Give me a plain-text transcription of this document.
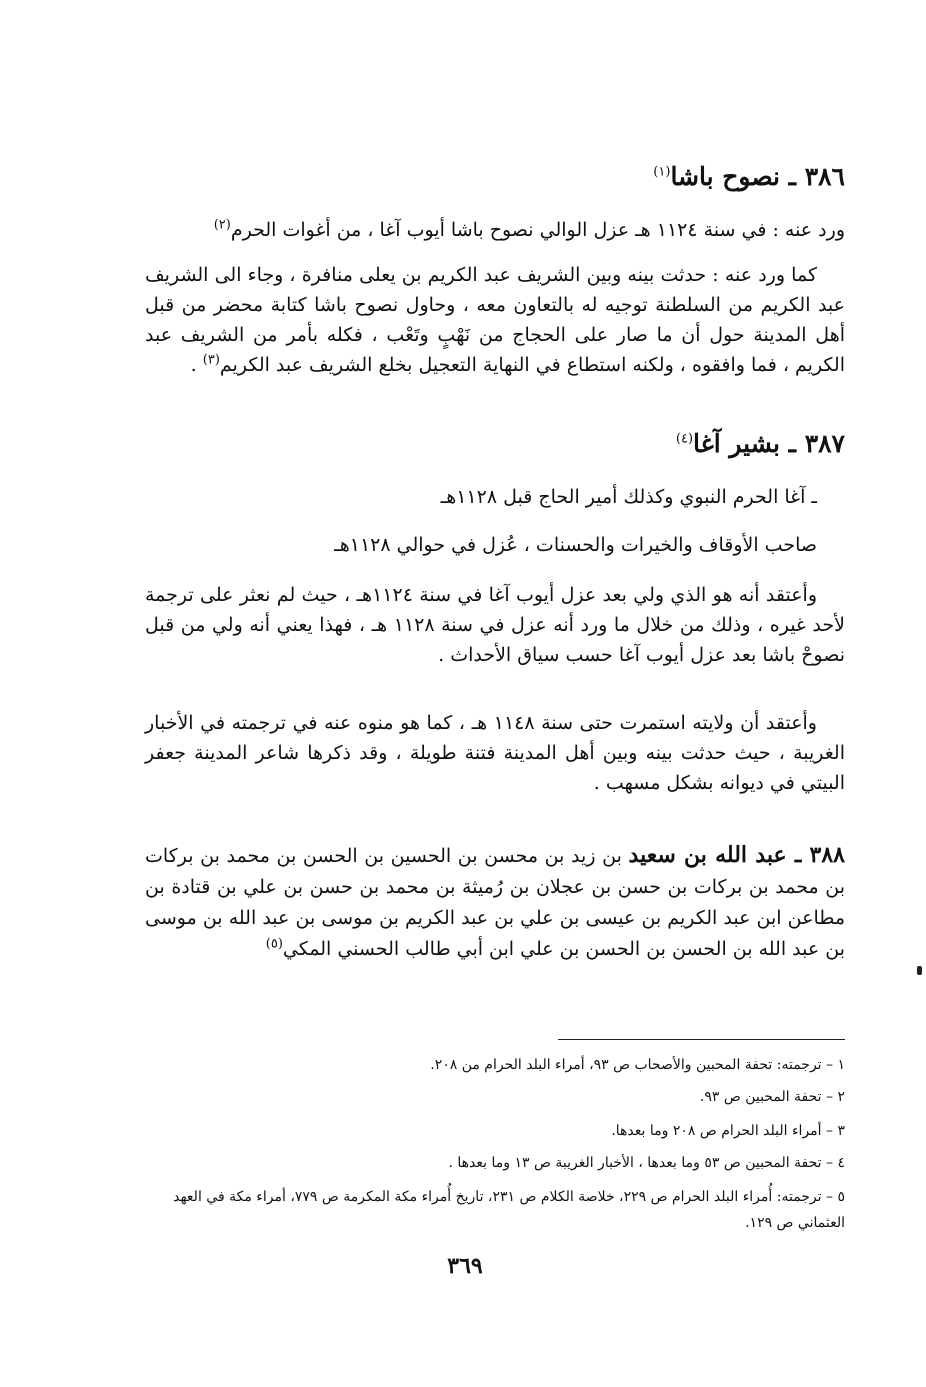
٣٨٦ ـ نصوح باشا$^{(١)}$
ورد عنه : في سنة ١١٢٤ هـ عزل الوالي نصوح باشا أيوب آغا ، من أغوات الحرم$^{(٢)}$
كما ورد عنه : حدثت بينه وبين الشريف عبد الكريم بن يعلى منافرة ، وجاء الى الشريف عبد الكريم من السلطنة توجيه له بالتعاون معه ، وحاول نصوح باشا كتابة محضر من قبل أهل المدينة حول أن ما صار على الحجاج من نَهْبٍ وتَعْب ، فكله بأمر من الشريف عبد الكريم ، فما وافقوه ، ولكنه استطاع في النهاية التعجيل بخلع الشريف عبد الكريم$^{(٣)}$ .
٣٨٧ ـ بشير آغا$^{(٤)}$
ـ آغا الحرم النبوي وكذلك أمير الحاج قبل ١١٢٨هـ
صاحب الأوقاف والخيرات والحسنات ، عُزل في حوالي ١١٢٨هـ
وأعتقد أنه هو الذي ولي بعد عزل أيوب آغا في سنة ١١٢٤هـ ، حيث لم نعثر على ترجمة لأحد غيره ، وذلك من خلال ما ورد أنه عزل في سنة ١١٢٨ هـ ، فهذا يعني أنه ولي من قبل نصوحْ باشا بعد عزل أيوب آغا حسب سياق الأحداث .
وأعتقد أن ولايته استمرت حتى سنة ١١٤٨ هـ ، كما هو منوه عنه في ترجمته في الأخبار الغريبة ، حيث حدثت بينه وبين أهل المدينة فتنة طويلة ، وقد ذكرها شاعر المدينة جعفر البيتي في ديوانه بشكل مسهب .
٣٨٨ ـ عبد الله بن سعيد بن زيد بن محسن بن الحسين بن الحسن بن محمد بن بركات بن محمد بن بركات بن حسن بن عجلان بن رُميثة بن محمد بن حسن بن علي بن قتادة بن مطاعن ابن عبد الكريم بن عيسى بن علي بن عبد الكريم بن موسى بن عبد الله بن موسى بن عبد الله بن الحسن بن الحسن بن علي ابن أبي طالب الحسني المكي$^{(٥)}$
١ – ترجمته: تحفة المحبين والأصحاب ص ٩٣، أمراء البلد الحرام من ٢٠٨.
٢ – تحفة المحبين ص ٩٣.
٣ – أمراء البلد الحرام ص ٢٠٨ وما بعدها.
٤ – تحفة المحبين ص ٥٣ وما بعدها ، الأخبار الغريبة ص ١٣ وما بعدها .
٥ – ترجمته: أُمراء البلد الحرام ص ٢٢٩، خلاصة الكلام ص ٢٣١، تاريخ أُمراء مكة المكرمة ص ٧٧٩، أمراء مكة في العهد العثماني ص ١٢٩.
٣٦٩
